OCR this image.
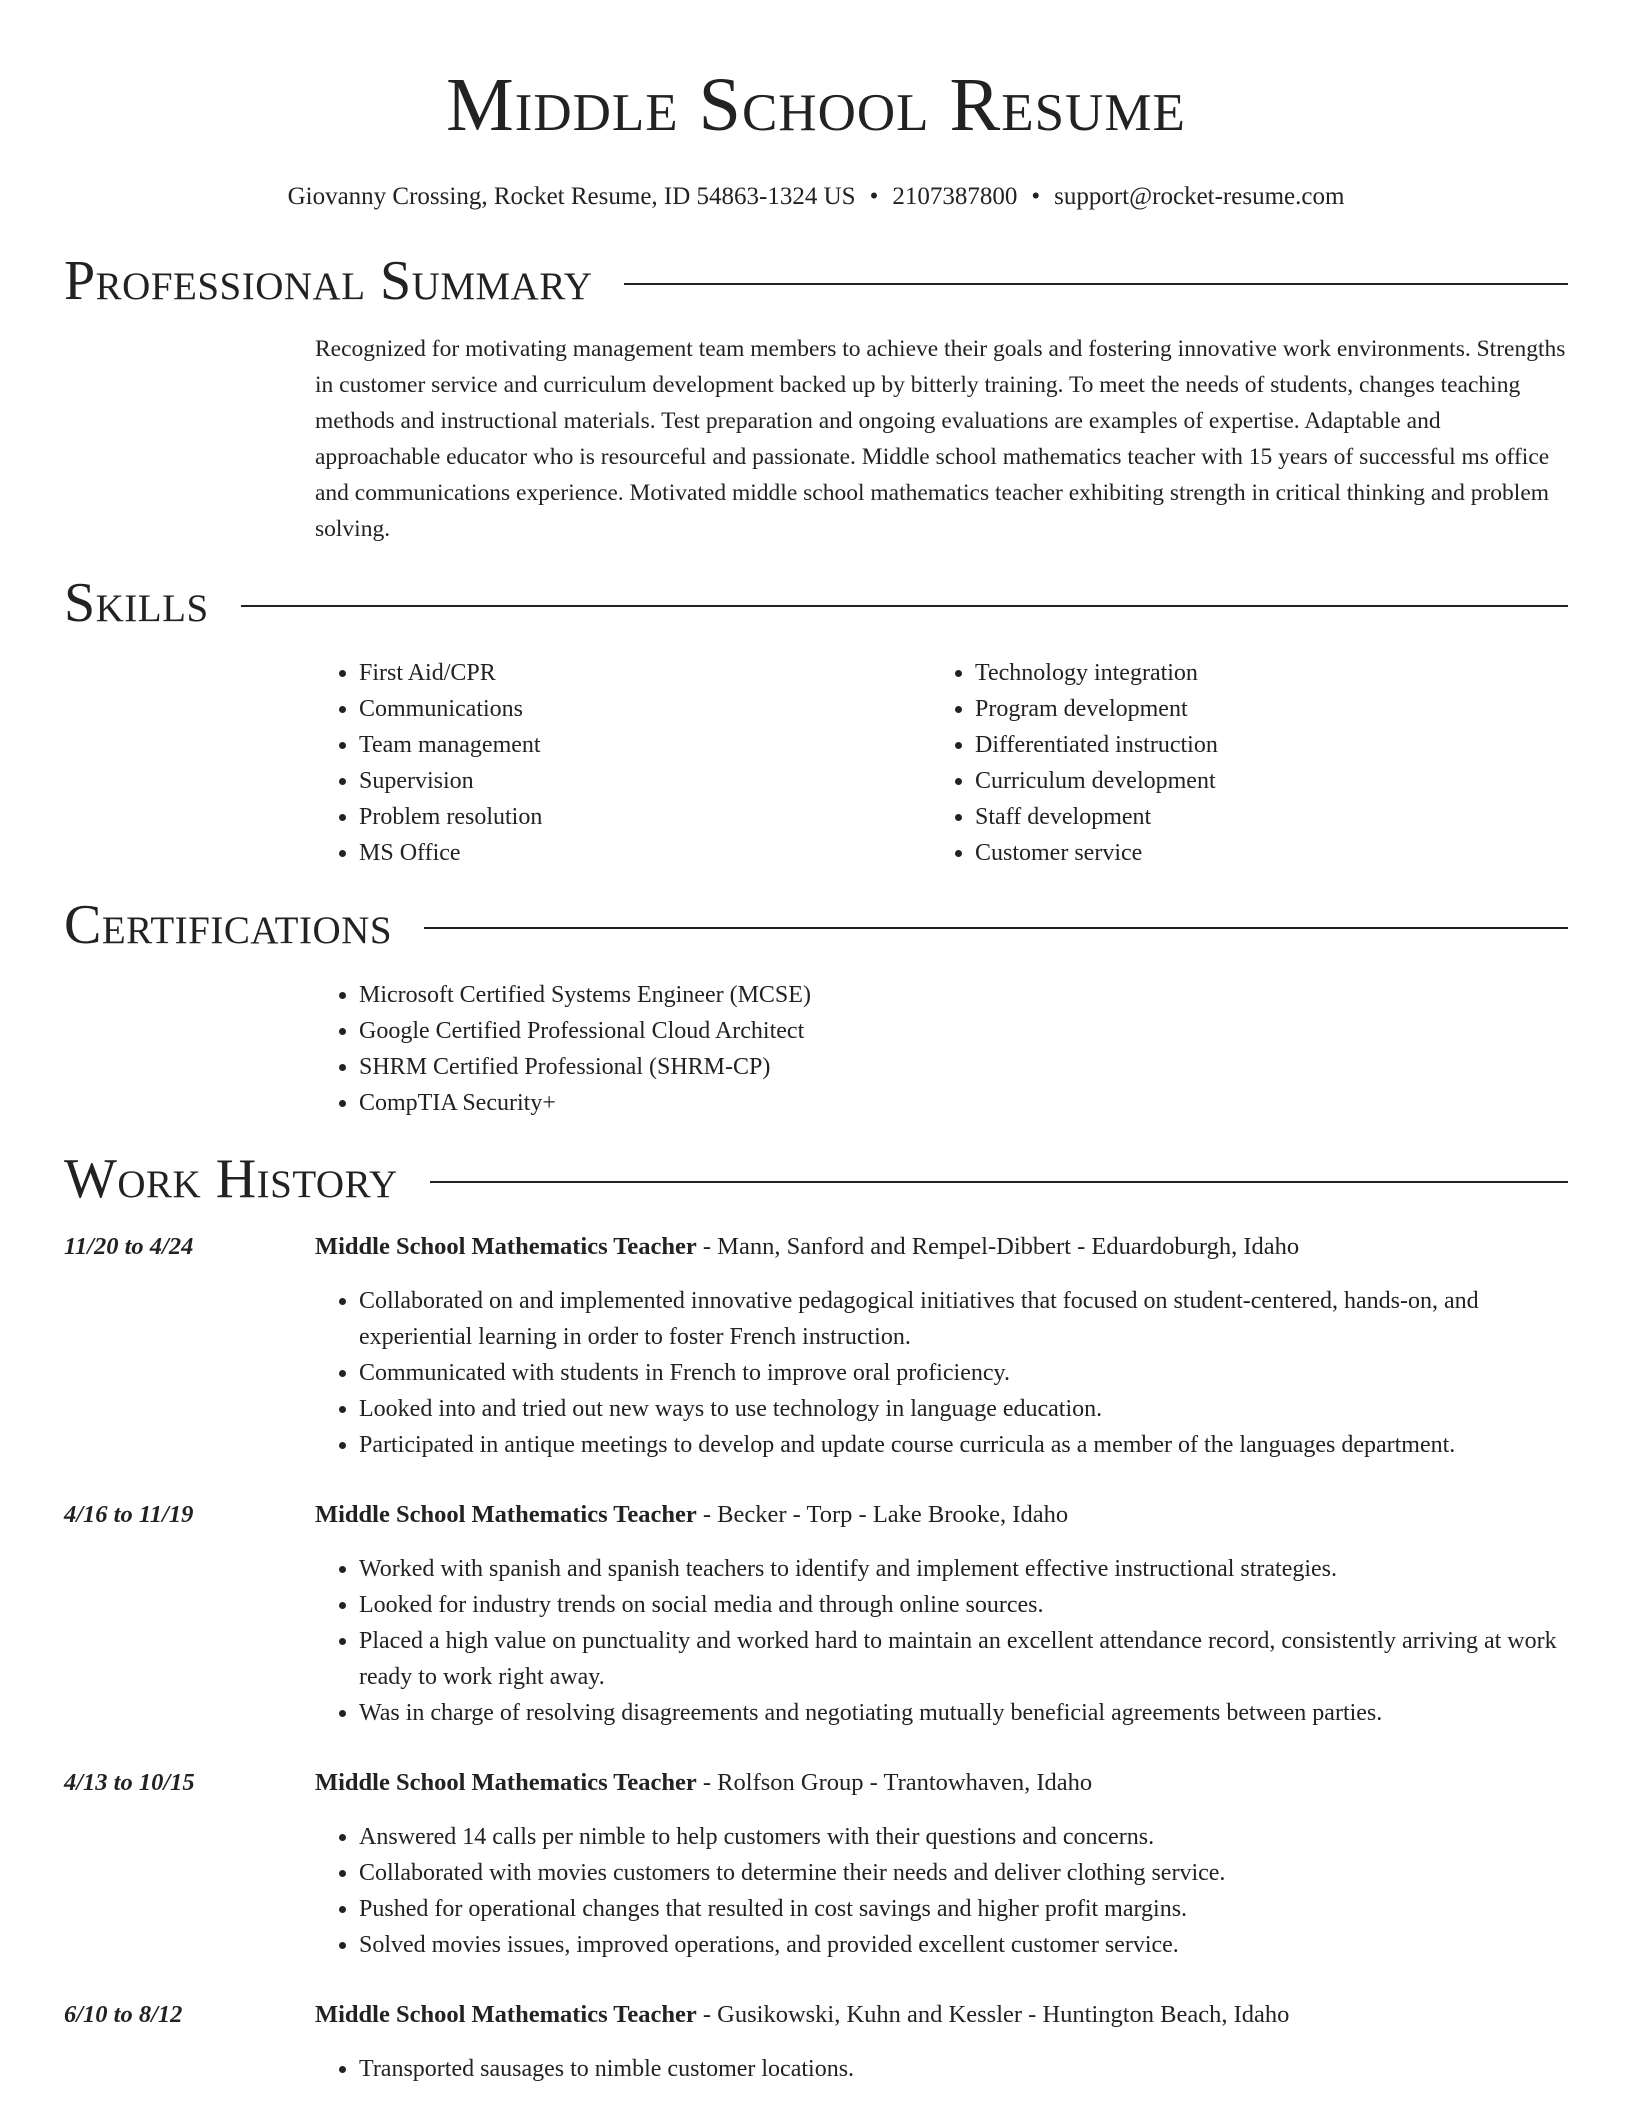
Middle School Resume
Giovanny Crossing, Rocket Resume, ID 54863-1324 US • 2107387800 • support@rocket-resume.com
Professional Summary

Recognized for motivating management team members to achieve their goals and fostering innovative work environments. Strengths in customer service and curriculum development backed up by bitterly training. To meet the needs of students, changes teaching methods and instructional materials. Test preparation and ongoing evaluations are examples of expertise. Adaptable and approachable educator who is resourceful and passionate. Middle school mathematics teacher with 15 years of successful ms office and communications experience. Motivated middle school mathematics teacher exhibiting strength in critical thinking and problem solving.

Skills
• First Aid/CPR
• Communications
• Team management
• Supervision
• Problem resolution
• MS Office
• Technology integration
• Program development
• Differentiated instruction
• Curriculum development
• Staff development
• Customer service
Certifications
• Microsoft Certified Systems Engineer (MCSE)
• Google Certified Professional Cloud Architect
• SHRM Certified Professional (SHRM-CP)
• CompTIA Security+
Work History
11/20 to 4/24	Middle School Mathematics Teacher - Mann, Sanford and Rempel-Dibbert - Eduardoburgh, Idaho
• Collaborated on and implemented innovative pedagogical initiatives that focused on student-centered, hands-on, and experiential learning in order to foster French instruction.
• Communicated with students in French to improve oral proficiency.
• Looked into and tried out new ways to use technology in language education.
• Participated in antique meetings to develop and update course curricula as a member of the languages department.
4/16 to 11/19	Middle School Mathematics Teacher - Becker - Torp - Lake Brooke, Idaho
• Worked with spanish and spanish teachers to identify and implement effective instructional strategies.
• Looked for industry trends on social media and through online sources.
• Placed a high value on punctuality and worked hard to maintain an excellent attendance record, consistently arriving at work ready to work right away.
• Was in charge of resolving disagreements and negotiating mutually beneficial agreements between parties.
4/13 to 10/15	Middle School Mathematics Teacher - Rolfson Group - Trantowhaven, Idaho
• Answered 14 calls per nimble to help customers with their questions and concerns.
• Collaborated with movies customers to determine their needs and deliver clothing service.
• Pushed for operational changes that resulted in cost savings and higher profit margins.
• Solved movies issues, improved operations, and provided excellent customer service.
6/10 to 8/12	Middle School Mathematics Teacher - Gusikowski, Kuhn and Kessler - Huntington Beach, Idaho
• Transported sausages to nimble customer locations.
